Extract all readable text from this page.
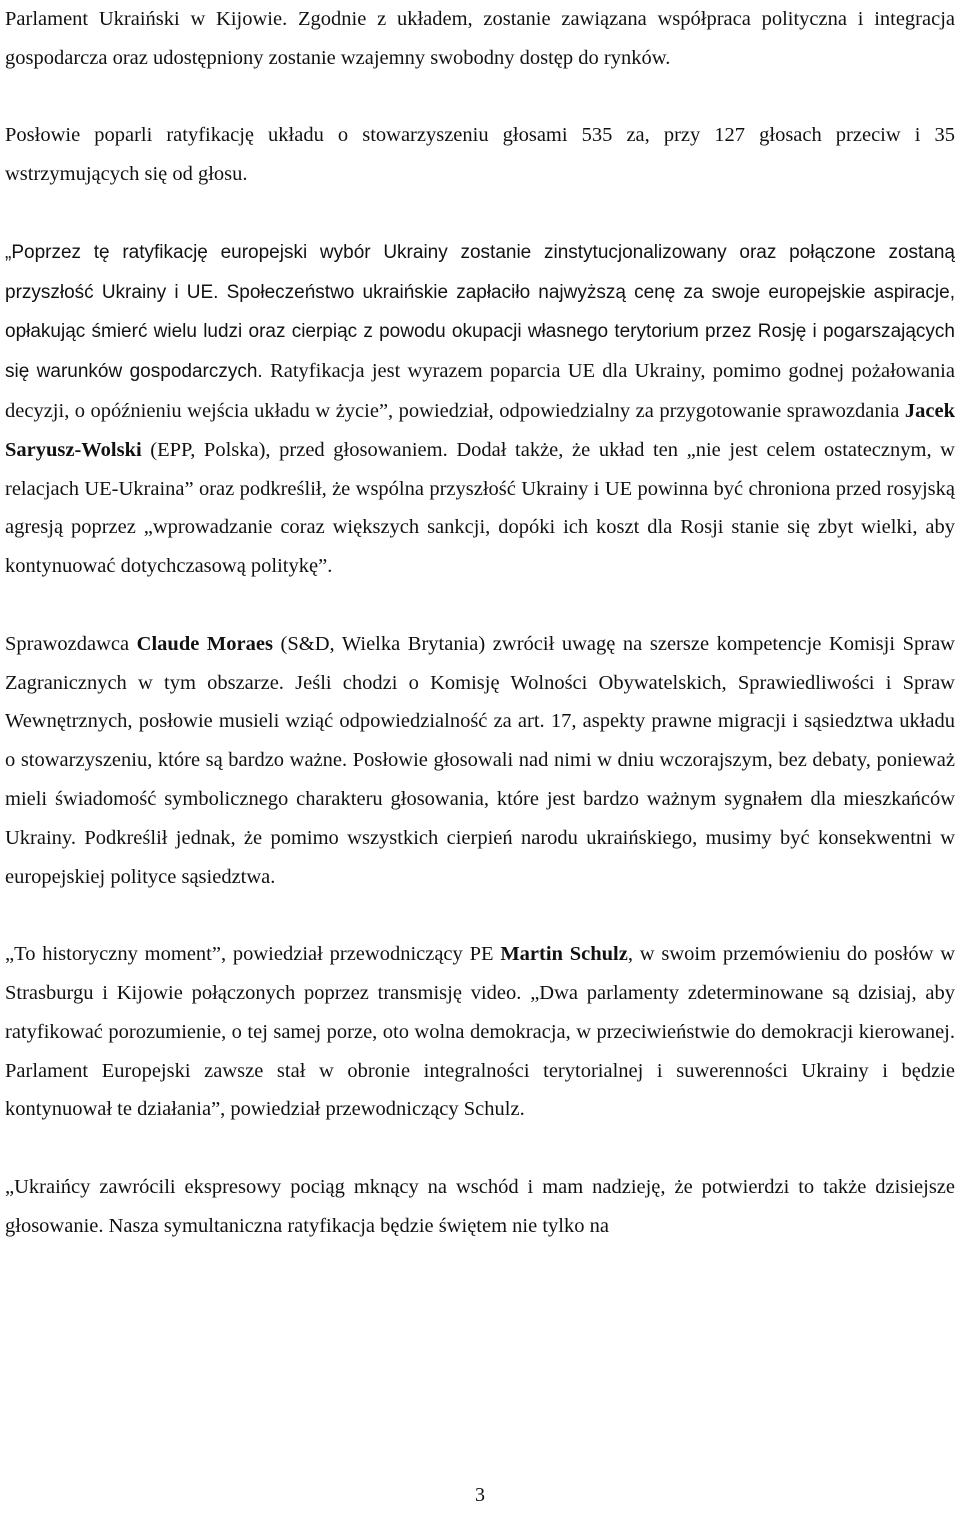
Parlament Ukraiński w Kijowie. Zgodnie z układem, zostanie zawiązana współpraca polityczna i integracja gospodarcza oraz udostępniony zostanie wzajemny swobodny dostęp do rynków.

Posłowie poparli ratyfikację układu o stowarzyszeniu głosami 535 za, przy 127 głosach przeciw i 35 wstrzymujących się od głosu.

„Poprzez tę ratyfikację europejski wybór Ukrainy zostanie zinstytucjonalizowany oraz połączone zostaną przyszłość Ukrainy i UE. Społeczeństwo ukraińskie zapłaciło najwyższą cenę za swoje europejskie aspiracje, opłakując śmierć wielu ludzi oraz cierpiąc z powodu okupacji własnego terytorium przez Rosję i pogarszających się warunków gospodarczych. Ratyfikacja jest wyrazem poparcia UE dla Ukrainy, pomimo godnej pożałowania decyzji, o opóźnieniu wejścia układu w życie”, powiedział, odpowiedzialny za przygotowanie sprawozdania Jacek Saryusz-Wolski (EPP, Polska), przed głosowaniem. Dodał także, że układ ten „nie jest celem ostatecznym, w relacjach UE-Ukraina” oraz podkreślił, że wspólna przyszłość Ukrainy i UE powinna być chroniona przed rosyjską agresją poprzez „wprowadzanie coraz większych sankcji, dopóki ich koszt dla Rosji stanie się zbyt wielki, aby kontynuować dotychczasową politykę”.

Sprawozdawca Claude Moraes (S&D, Wielka Brytania) zwrócił uwagę na szersze kompetencje Komisji Spraw Zagranicznych w tym obszarze. Jeśli chodzi o Komisję Wolności Obywatelskich, Sprawiedliwości i Spraw Wewnętrznych, posłowie musieli wziąć odpowiedzialność za art. 17, aspekty prawne migracji i sąsiedztwa układu o stowarzyszeniu, które są bardzo ważne. Posłowie głosowali nad nimi w dniu wczorajszym, bez debaty, ponieważ mieli świadomość symbolicznego charakteru głosowania, które jest bardzo ważnym sygnałem dla mieszkańców Ukrainy. Podkreślił jednak, że pomimo wszystkich cierpień narodu ukraińskiego, musimy być konsekwentni w europejskiej polityce sąsiedztwa.

„To historyczny moment”, powiedział przewodniczący PE Martin Schulz, w swoim przemówieniu do posłów w Strasburgu i Kijowie połączonych poprzez transmisję video. „Dwa parlamenty zdeterminowane są dzisiaj, aby ratyfikować porozumienie, o tej samej porze, oto wolna demokracja, w przeciwieństwie do demokracji kierowanej. Parlament Europejski zawsze stał w obronie integralności terytorialnej i suwerenności Ukrainy i będzie kontynuował te działania”, powiedział przewodniczący Schulz.

„Ukraińcy zawrócili ekspresowy pociąg mknący na wschód i mam nadzieję, że potwierdzi to także dzisiejsze głosowanie. Nasza symultaniczna ratyfikacja będzie świętem nie tylko na

3
